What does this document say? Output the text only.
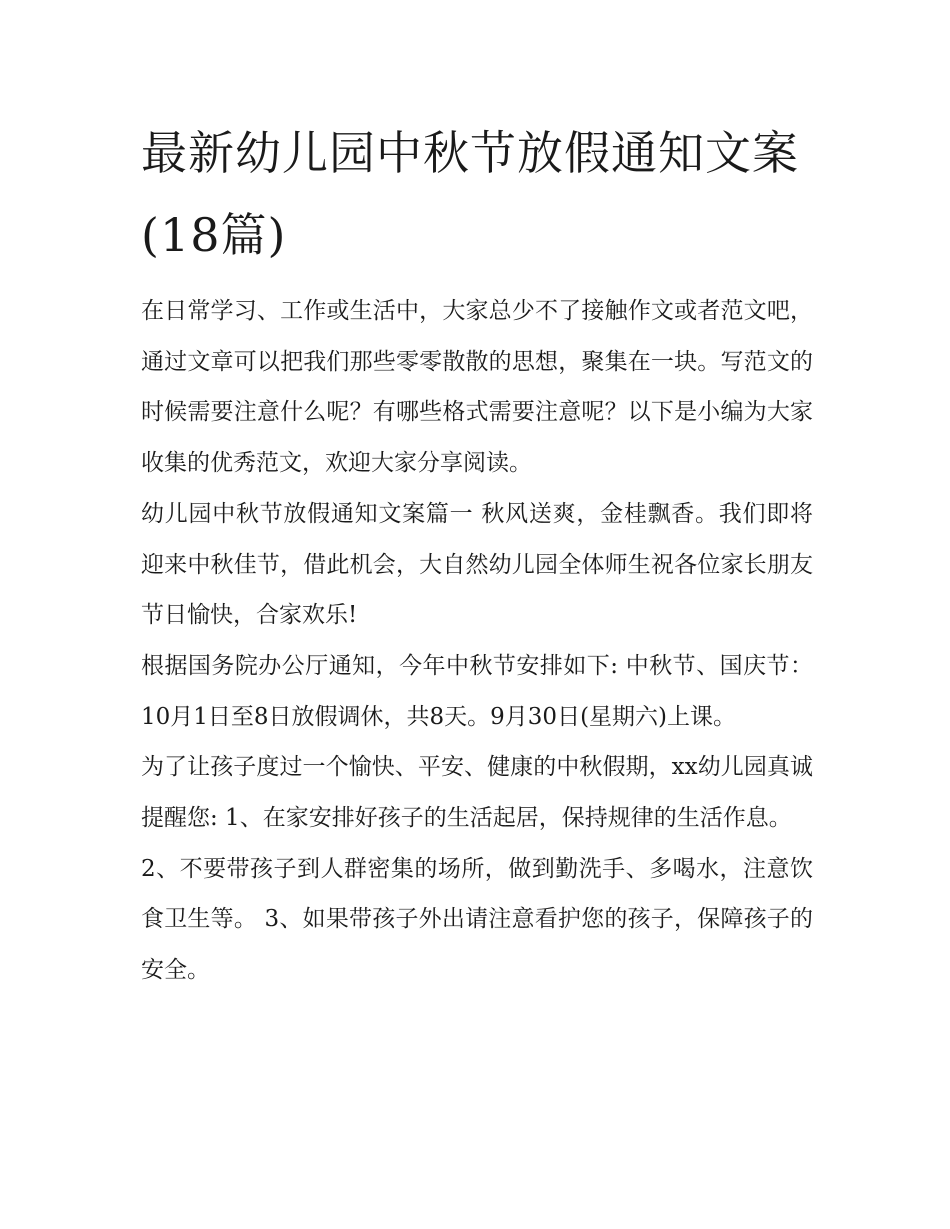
最新幼儿园中秋节放假通知文案(18篇)

在日常学习、工作或生活中，大家总少不了接触作文或者范文吧，通过文章可以把我们那些零零散散的思想，聚集在一块。写范文的时候需要注意什么呢？有哪些格式需要注意呢？以下是小编为大家收集的优秀范文，欢迎大家分享阅读。

幼儿园中秋节放假通知文案篇一 秋风送爽，金桂飘香。我们即将迎来中秋佳节，借此机会，大自然幼儿园全体师生祝各位家长朋友节日愉快，合家欢乐!

根据国务院办公厅通知，今年中秋节安排如下: 中秋节、国庆节：10月1日至8日放假调休，共8天。9月30日(星期六)上课。

为了让孩子度过一个愉快、平安、健康的中秋假期，xx幼儿园真诚提醒您: 1、在家安排好孩子的生活起居，保持规律的生活作息。

2、不要带孩子到人群密集的场所，做到勤洗手、多喝水，注意饮食卫生等。 3、如果带孩子外出请注意看护您的孩子，保障孩子的安全。
